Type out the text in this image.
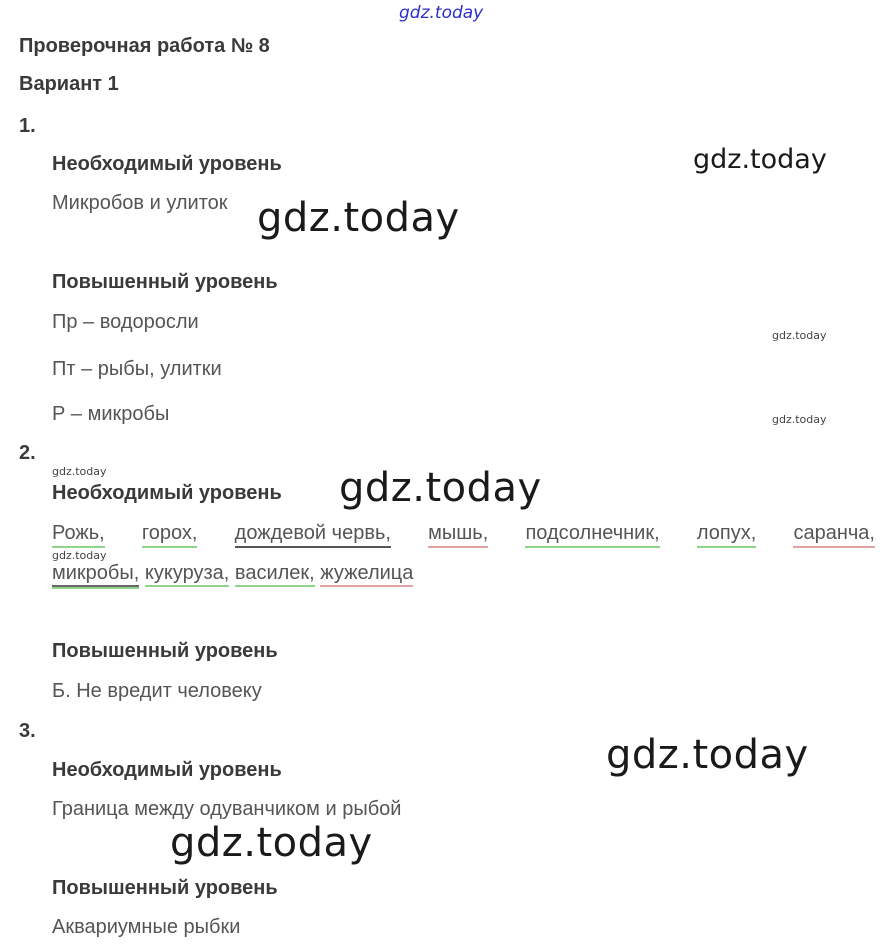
gdz.today
Проверочная работа № 8
Вариант 1
1.
Необходимый уровень
Микробов и улиток
Повышенный уровень
Пр – водоросли
Пт – рыбы, улитки
Р – микробы
2.
Необходимый уровень
Рожь, горох, дождевой червь, мышь, подсолнечник, лопух, саранча,
микробы, кукуруза, василек, жужелица
Повышенный уровень
Б. Не вредит человеку
3.
Необходимый уровень
Граница между одуванчиком и рыбой
Повышенный уровень
Аквариумные рыбки
gdz.today
gdz.today
gdz.today
gdz.today
gdz.today	gdz.today
gdz.today
gdz.today
gdz.today
